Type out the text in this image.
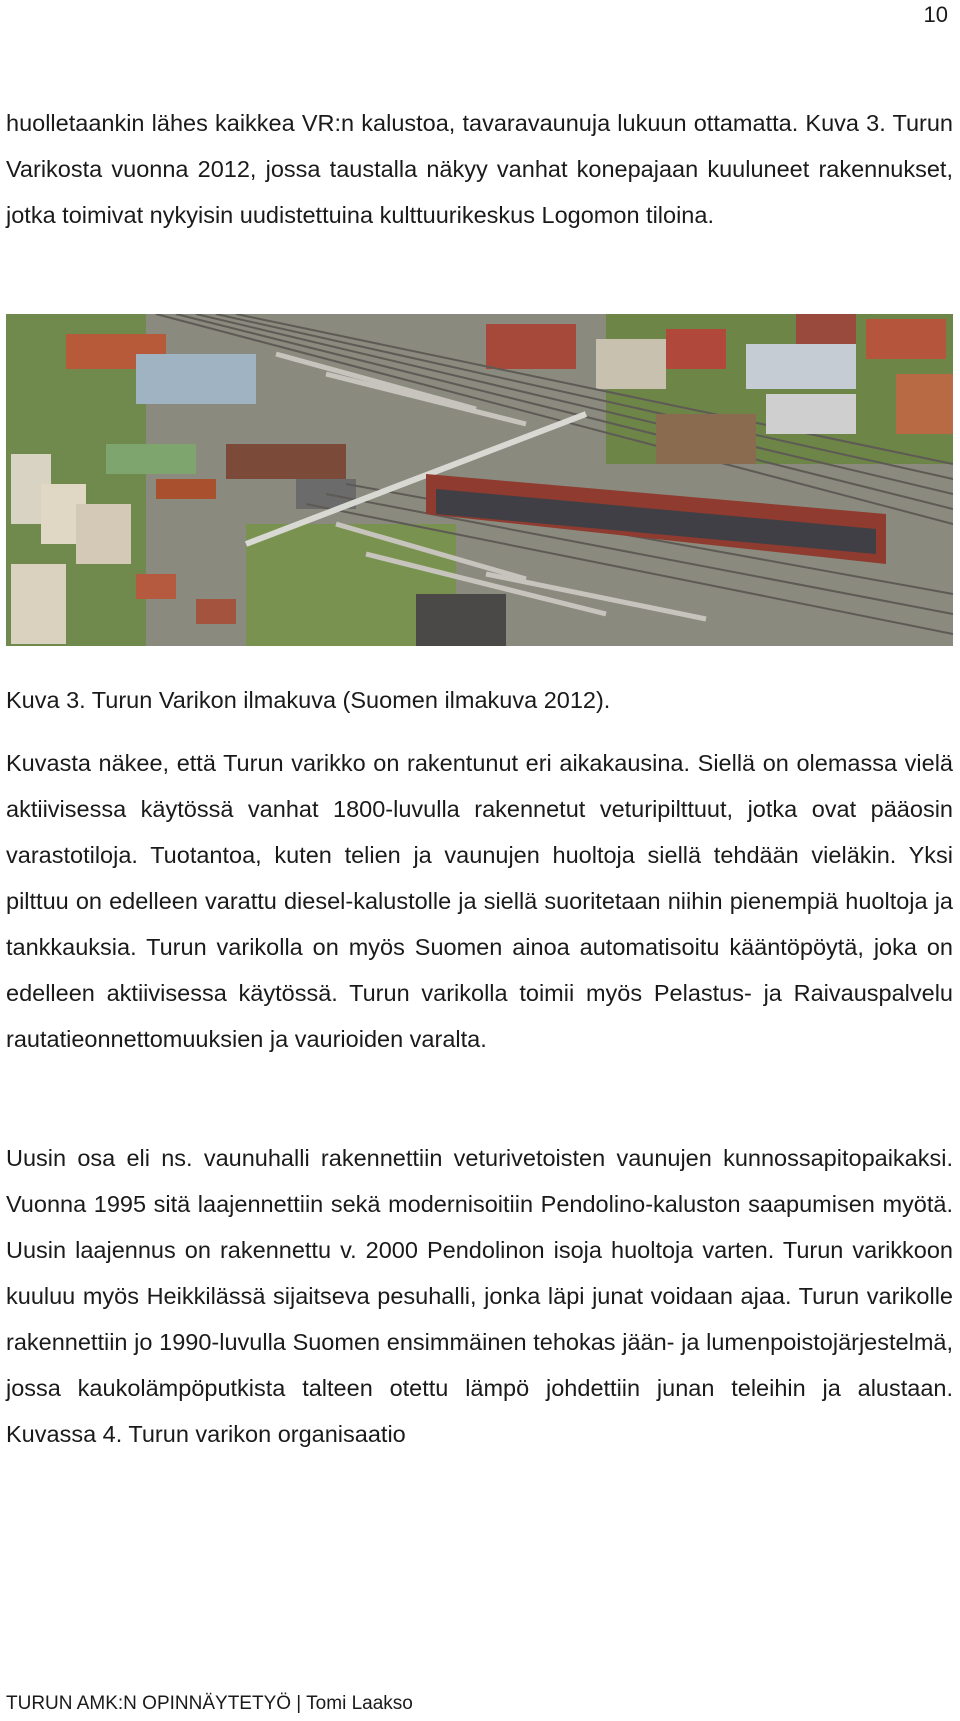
10

huolletaankin lähes kaikkea VR:n kalustoa, tavaravaunuja lukuun ottamatta. Kuva 3. Turun Varikosta vuonna 2012, jossa taustalla näkyy vanhat konepajaan kuuluneet rakennukset, jotka toimivat nykyisin uudistettuina kulttuurikeskus Logomon tiloina.

Kuva 3. Turun Varikon ilmakuva (Suomen ilmakuva 2012).

Kuvasta näkee, että Turun varikko on rakentunut eri aikakausina. Siellä on olemassa vielä aktiivisessa käytössä vanhat 1800-luvulla rakennetut veturipilttuut, jotka ovat pääosin varastotiloja. Tuotantoa, kuten telien ja vaunujen huoltoja siellä tehdään vieläkin. Yksi pilttuu on edelleen varattu diesel-kalustolle ja siellä suoritetaan niihin pienempiä huoltoja ja tankkauksia. Turun varikolla on myös Suomen ainoa automatisoitu kääntöpöytä, joka on edelleen aktiivisessa käytössä. Turun varikolla toimii myös Pelastus- ja Raivauspalvelu rautatieonnettomuuksien ja vaurioiden varalta.

Uusin osa eli ns. vaunuhalli rakennettiin veturivetoisten vaunujen kunnossapitopaikaksi. Vuonna 1995 sitä laajennettiin sekä modernisoitiin Pendolino-kaluston saapumisen myötä. Uusin laajennus on rakennettu v. 2000 Pendolinon isoja huoltoja varten. Turun varikkoon kuuluu myös Heikkilässä sijaitseva pesuhalli, jonka läpi junat voidaan ajaa. Turun varikolle rakennettiin jo 1990-luvulla Suomen ensimmäinen tehokas jään- ja lumenpoistojärjestelmä, jossa kaukolämpöputkista talteen otettu lämpö johdettiin junan teleihin ja alustaan. Kuvassa 4. Turun varikon organisaatio

TURUN AMK:N OPINNÄYTETYÖ | Tomi Laakso
